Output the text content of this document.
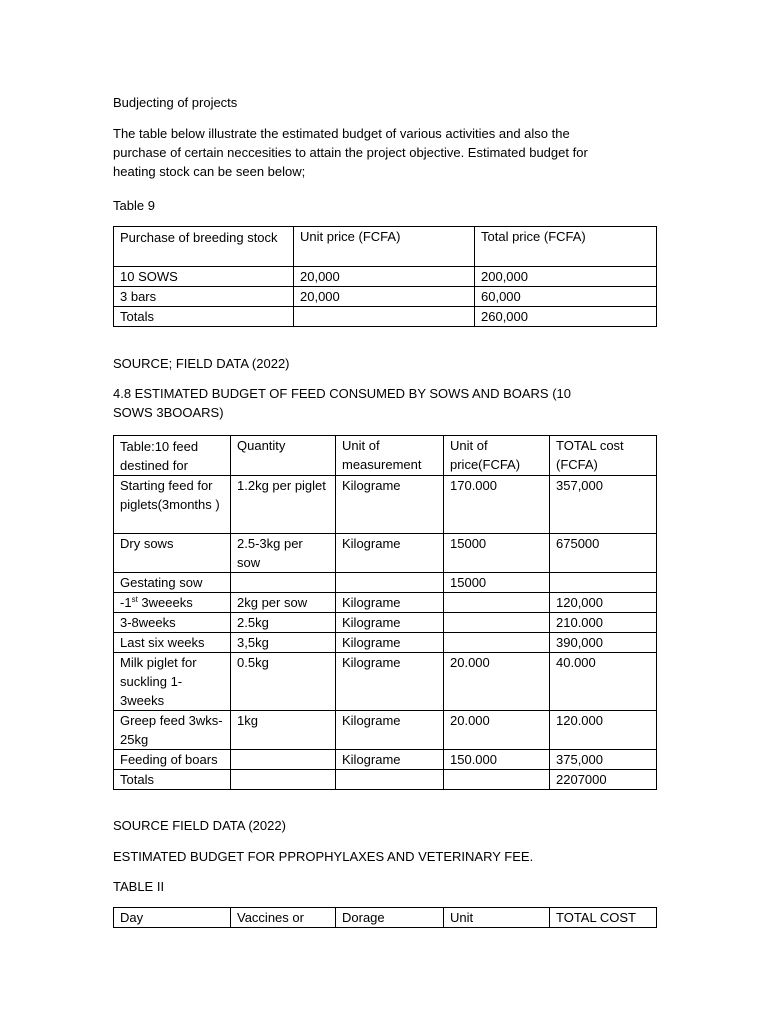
Budjecting of projects

The table below illustrate the estimated budget of various activities and also the purchase of certain neccesities to attain the project objective. Estimated budget for heating stock can be seen below;

Table 9

Purchase of breeding stock	Unit price (FCFA)	Total price (FCFA)
10 SOWS	20,000	200,000
3 bars	20,000	60,000
Totals		260,000

SOURCE; FIELD DATA (2022)

4.8 ESTIMATED BUDGET OF FEED CONSUMED BY SOWS AND BOARS (10 SOWS 3BOOARS)

Table:10 feed destined for	Quantity	Unit of measurement	Unit of price(FCFA)	TOTAL cost (FCFA)
Starting feed for piglets(3months )	1.2kg per piglet	Kilograme	170.000	357,000
Dry sows	2.5-3kg per sow	Kilograme	15000	675000
Gestating sow			15000	
-1st 3weeeks	2kg per sow	Kilograme		120,000
3-8weeks	2.5kg	Kilograme		210.000
Last six weeks	3,5kg	Kilograme		390,000
Milk piglet for suckling 1-3weeks	0.5kg	Kilograme	20.000	40.000
Greep feed 3wks-25kg	1kg	Kilograme	20.000	120.000
Feeding of boars		Kilograme	150.000	375,000
Totals				2207000

SOURCE FIELD DATA (2022)

ESTIMATED BUDGET FOR PPROPHYLAXES AND VETERINARY FEE.

TABLE II

Day	Vaccines or	Dorage	Unit	TOTAL COST
